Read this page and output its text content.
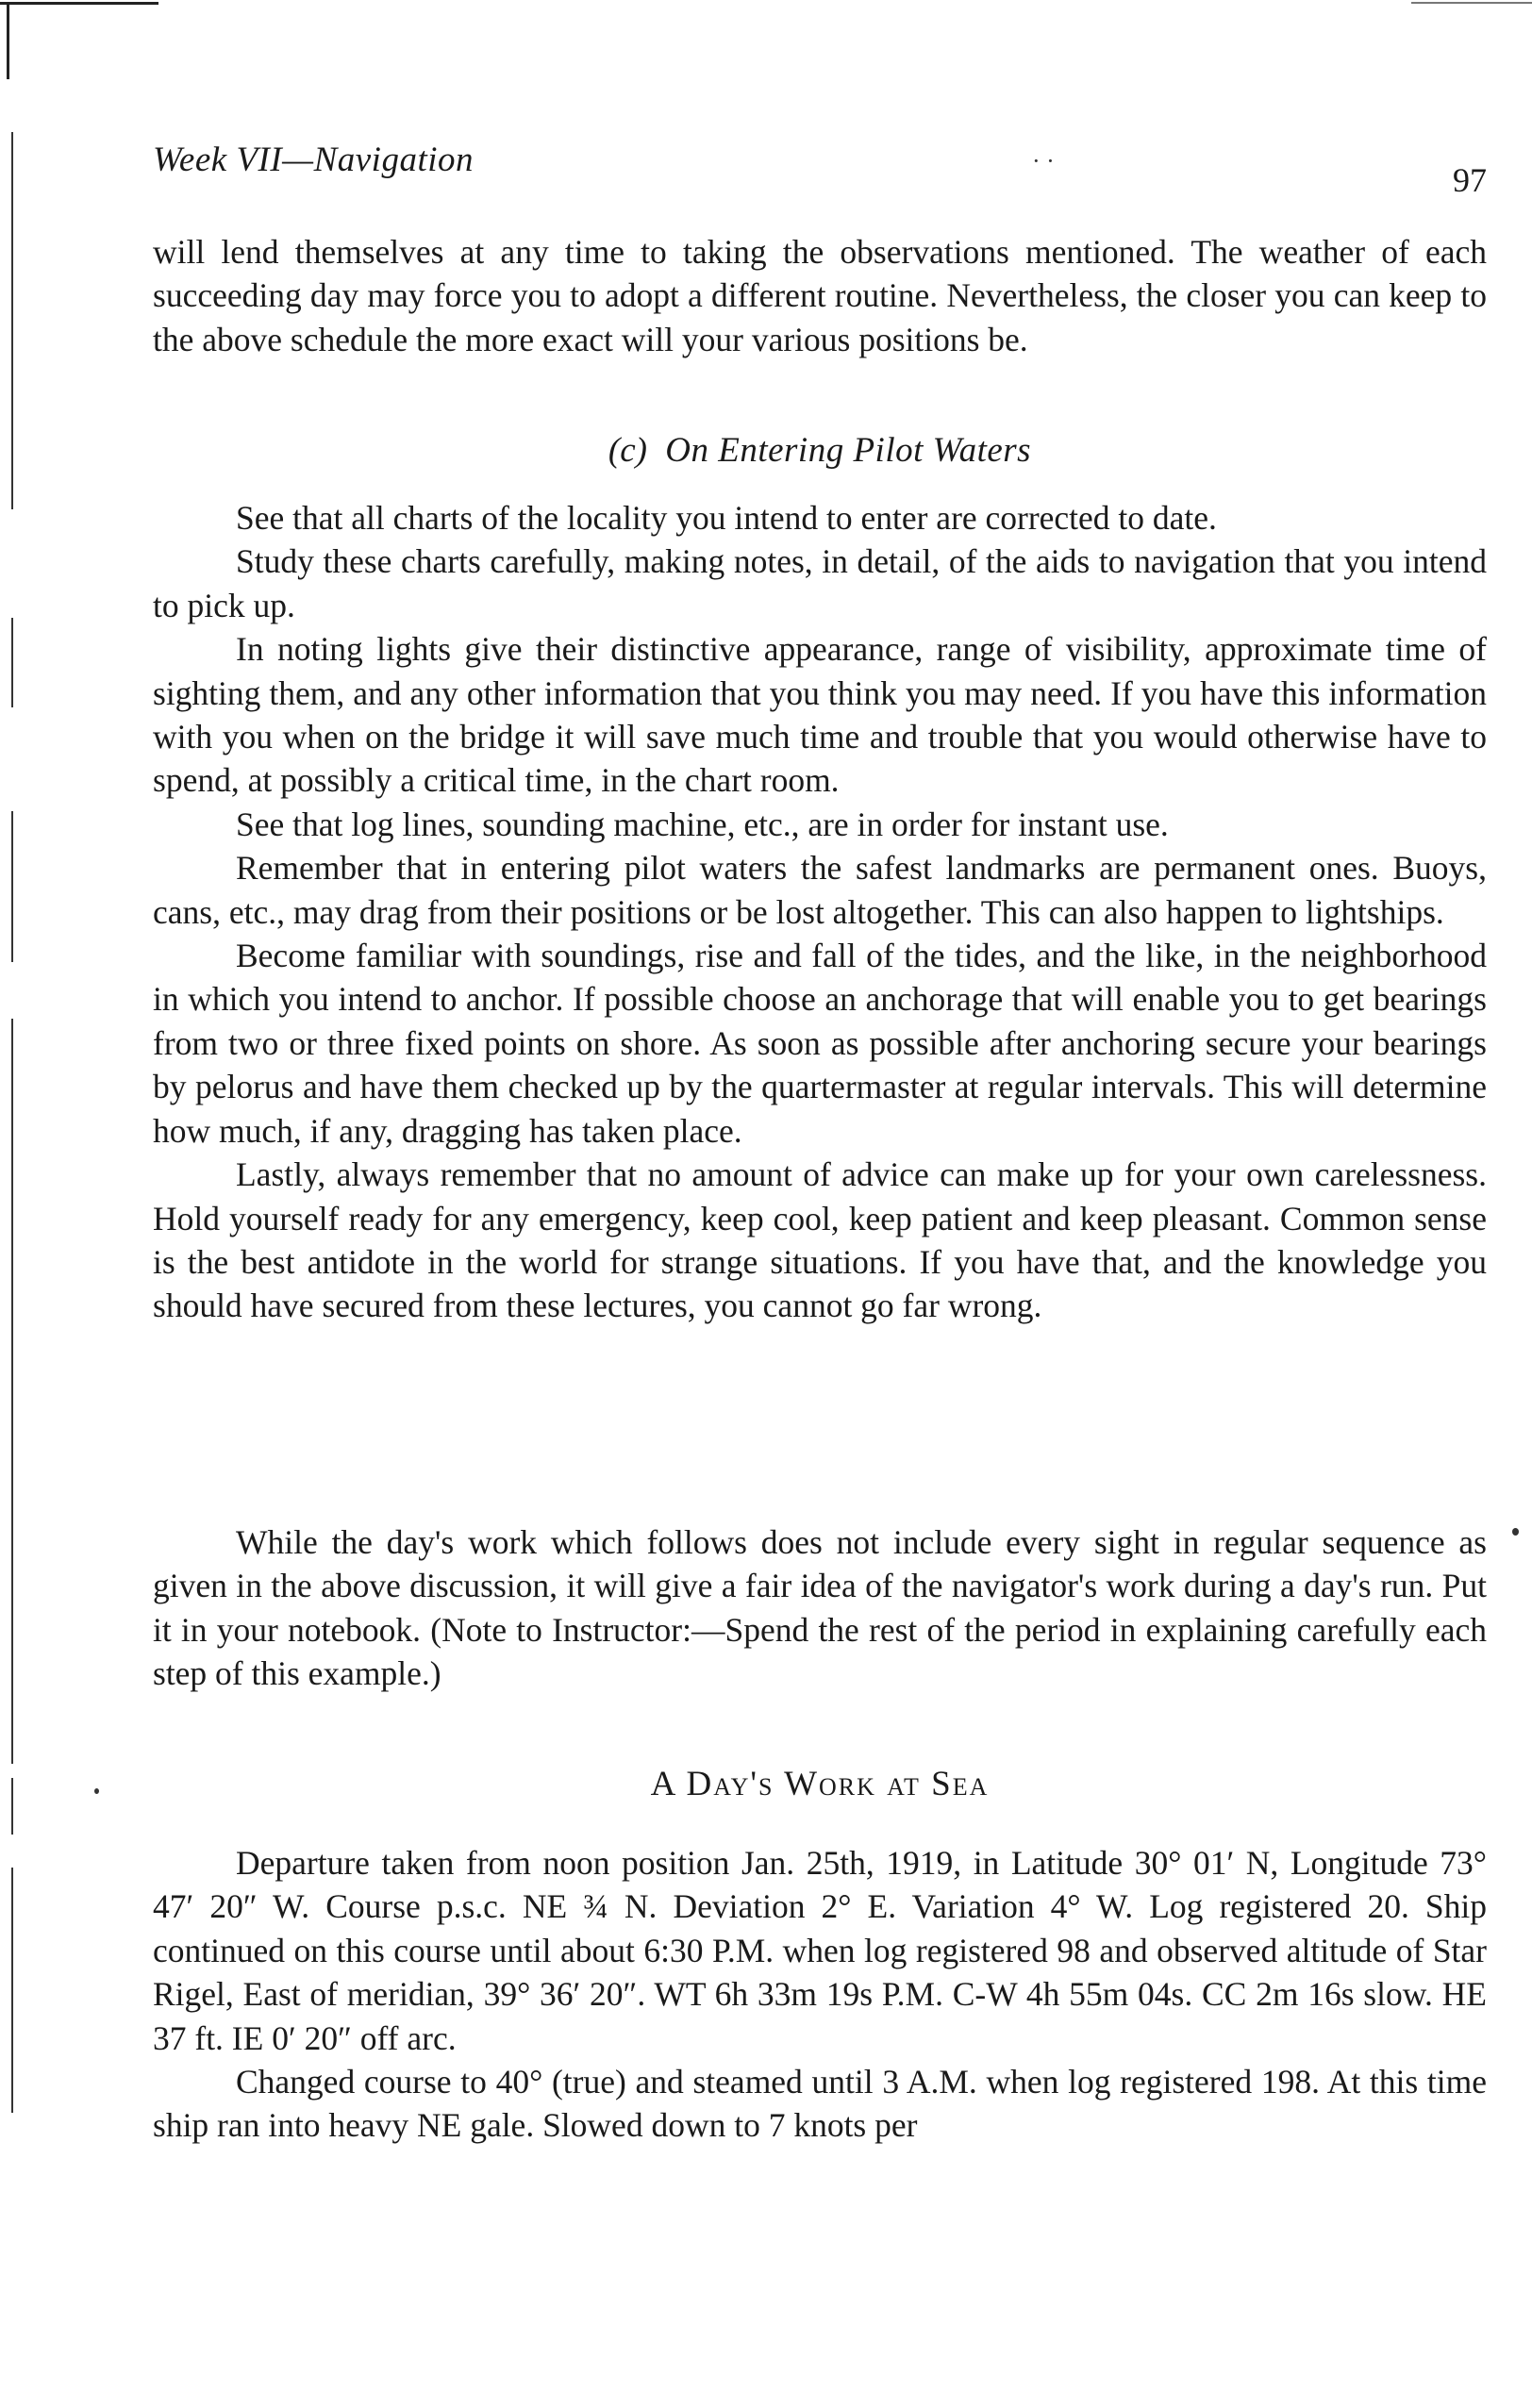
Week VII—Navigation	· ·
97

will lend themselves at any time to taking the observations mentioned. The weather of each succeeding day may force you to adopt a different routine. Nevertheless, the closer you can keep to the above schedule the more exact will your various positions be.

(c) On Entering Pilot Waters

See that all charts of the locality you intend to enter are corrected to date.

Study these charts carefully, making notes, in detail, of the aids to navigation that you intend to pick up.

In noting lights give their distinctive appearance, range of visibility, approximate time of sighting them, and any other information that you think you may need. If you have this information with you when on the bridge it will save much time and trouble that you would otherwise have to spend, at possibly a critical time, in the chart room.

See that log lines, sounding machine, etc., are in order for instant use.

Remember that in entering pilot waters the safest landmarks are permanent ones. Buoys, cans, etc., may drag from their positions or be lost altogether. This can also happen to lightships.

Become familiar with soundings, rise and fall of the tides, and the like, in the neighborhood in which you intend to anchor. If possible choose an anchorage that will enable you to get bearings from two or three fixed points on shore. As soon as possible after anchoring secure your bearings by pelorus and have them checked up by the quartermaster at regular intervals. This will determine how much, if any, dragging has taken place.

Lastly, always remember that no amount of advice can make up for your own carelessness. Hold yourself ready for any emergency, keep cool, keep patient and keep pleasant. Common sense is the best antidote in the world for strange situations. If you have that, and the knowledge you should have secured from these lectures, you cannot go far wrong.

While the day's work which follows does not include every sight in regular sequence as given in the above discussion, it will give a fair idea of the navigator's work during a day's run. Put it in your notebook. (Note to Instructor:—Spend the rest of the period in explaining carefully each step of this example.)

A Day's Work at Sea

Departure taken from noon position Jan. 25th, 1919, in Latitude 30° 01′ N, Longitude 73° 47′ 20″ W. Course p.s.c. NE ¾ N. Deviation 2° E. Variation 4° W. Log registered 20. Ship continued on this course until about 6:30 P.M. when log registered 98 and observed altitude of Star Rigel, East of meridian, 39° 36′ 20″. WT 6h 33m 19s P.M. C-W 4h 55m 04s. CC 2m 16s slow. HE 37 ft. IE 0′ 20″ off arc.

Changed course to 40° (true) and steamed until 3 A.M. when log registered 198. At this time ship ran into heavy NE gale. Slowed down to 7 knots per
